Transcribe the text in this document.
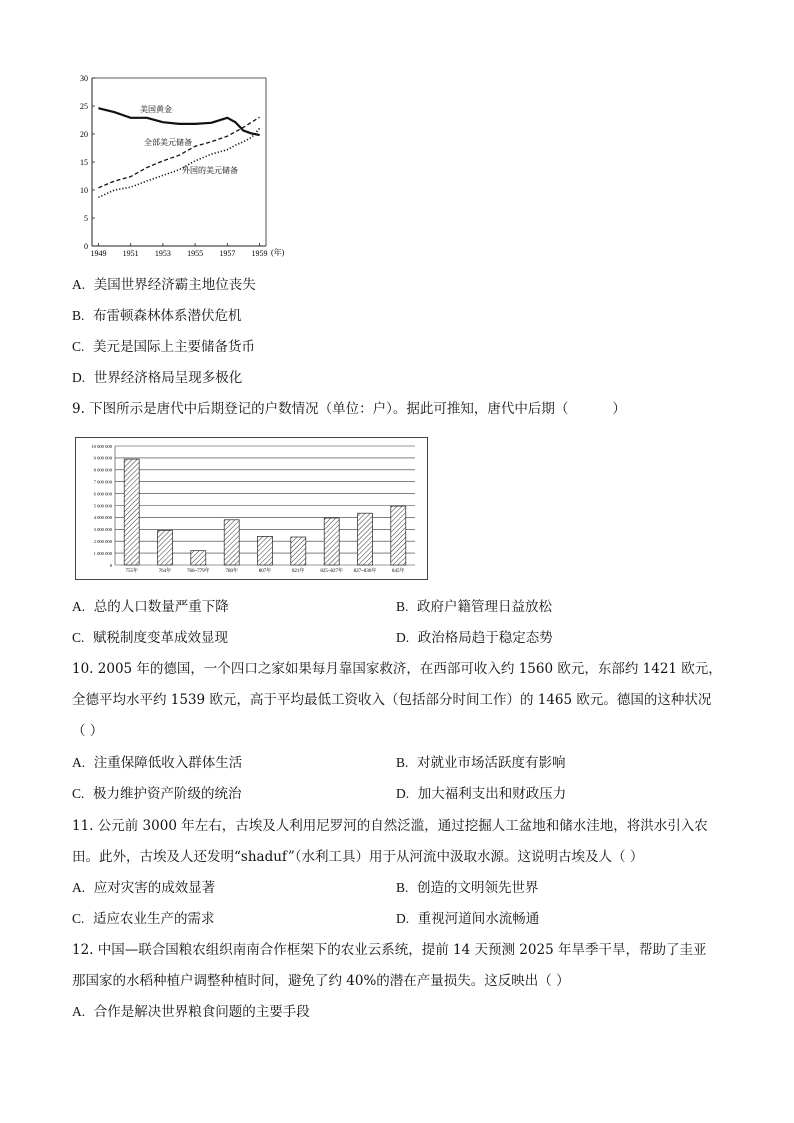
30
25
20
15
10
5
0
1949 1951 1953 1955 1957 1959
美国黄金
全部美元储备
外国的美元储备
(年)
A. 美国世界经济霸主地位丧失
B. 布雷顿森林体系潜伏危机
C. 美元是国际上主要储备货币
D. 世界经济格局呈现多极化
9. 下图所示是唐代中后期登记的户数情况（单位：户）。据此可推知，唐代中后期（	）
10 000 000
9 000 000
8 000 000
7 000 000
6 000 000
5 000 000
4 000 000
3 000 000
2 000 000
1 000 000
0
755年	764年	766~779年	780年	807年	821年	825~827年 827~836年	845年
A. 总的人口数量严重下降	B. 政府户籍管理日益放松
C. 赋税制度变革成效显现	D. 政治格局趋于稳定态势
10. 2005 年的德国，一个四口之家如果每月靠国家救济，在西部可收入约 1560 欧元，东部约 1421 欧元，
全德平均水平约 1539 欧元，高于平均最低工资收入（包括部分时间工作）的 1465 欧元。德国的这种状况
（ ）
A. 注重保障低收入群体生活	B. 对就业市场活跃度有影响
C. 极力维护资产阶级的统治	D. 加大福利支出和财政压力
11. 公元前 3000 年左右，古埃及人利用尼罗河的自然泛滥，通过挖掘人工盆地和储水洼地，将洪水引入农
田。此外，古埃及人还发明“shaduf”（水利工具）用于从河流中汲取水源。这说明古埃及人（ ）
A. 应对灾害的成效显著	B. 创造的文明领先世界
C. 适应农业生产的需求	D. 重视河道间水流畅通
12. 中国—联合国粮农组织南南合作框架下的农业云系统，提前 14 天预测 2025 年旱季干旱，帮助了圭亚
那国家的水稻种植户调整种植时间，避免了约 40%的潜在产量损失。这反映出（ ）
A. 合作是解决世界粮食问题的主要手段
